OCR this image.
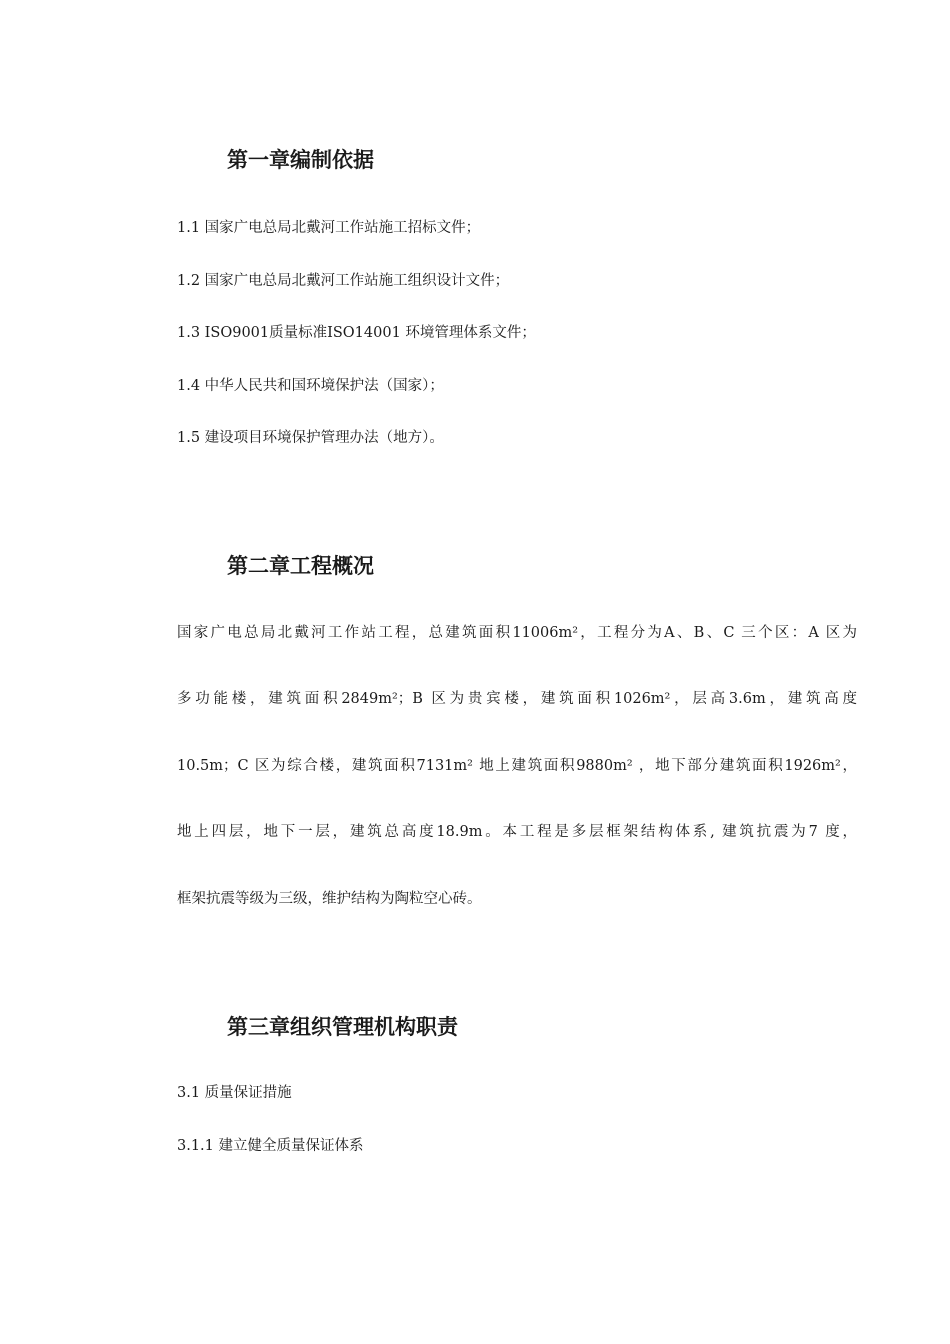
第一章编制依据

1.1 国家广电总局北戴河工作站施工招标文件；

1.2 国家广电总局北戴河工作站施工组织设计文件；

1.3 ISO9001质量标准ISO14001 环境管理体系文件；

1.4 中华人民共和国环境保护法（国家）；

1.5 建设项目环境保护管理办法（地方）。

第二章工程概况

国家广电总局北戴河工作站工程，总建筑面积11006m²，工程分为A、B、C 三个区：A 区为

多功能楼，建筑面积2849m²；B 区为贵宾楼，建筑面积1026m²，层高3.6m，建筑高度

10.5m；C 区为综合楼，建筑面积7131m² 地上建筑面积9880m² ，地下部分建筑面积1926m²，

地上四层，地下一层，建筑总高度18.9m。本工程是多层框架结构体系, 建筑抗震为7 度，

框架抗震等级为三级，维护结构为陶粒空心砖。

第三章组织管理机构职责

3.1 质量保证措施

3.1.1 建立健全质量保证体系
